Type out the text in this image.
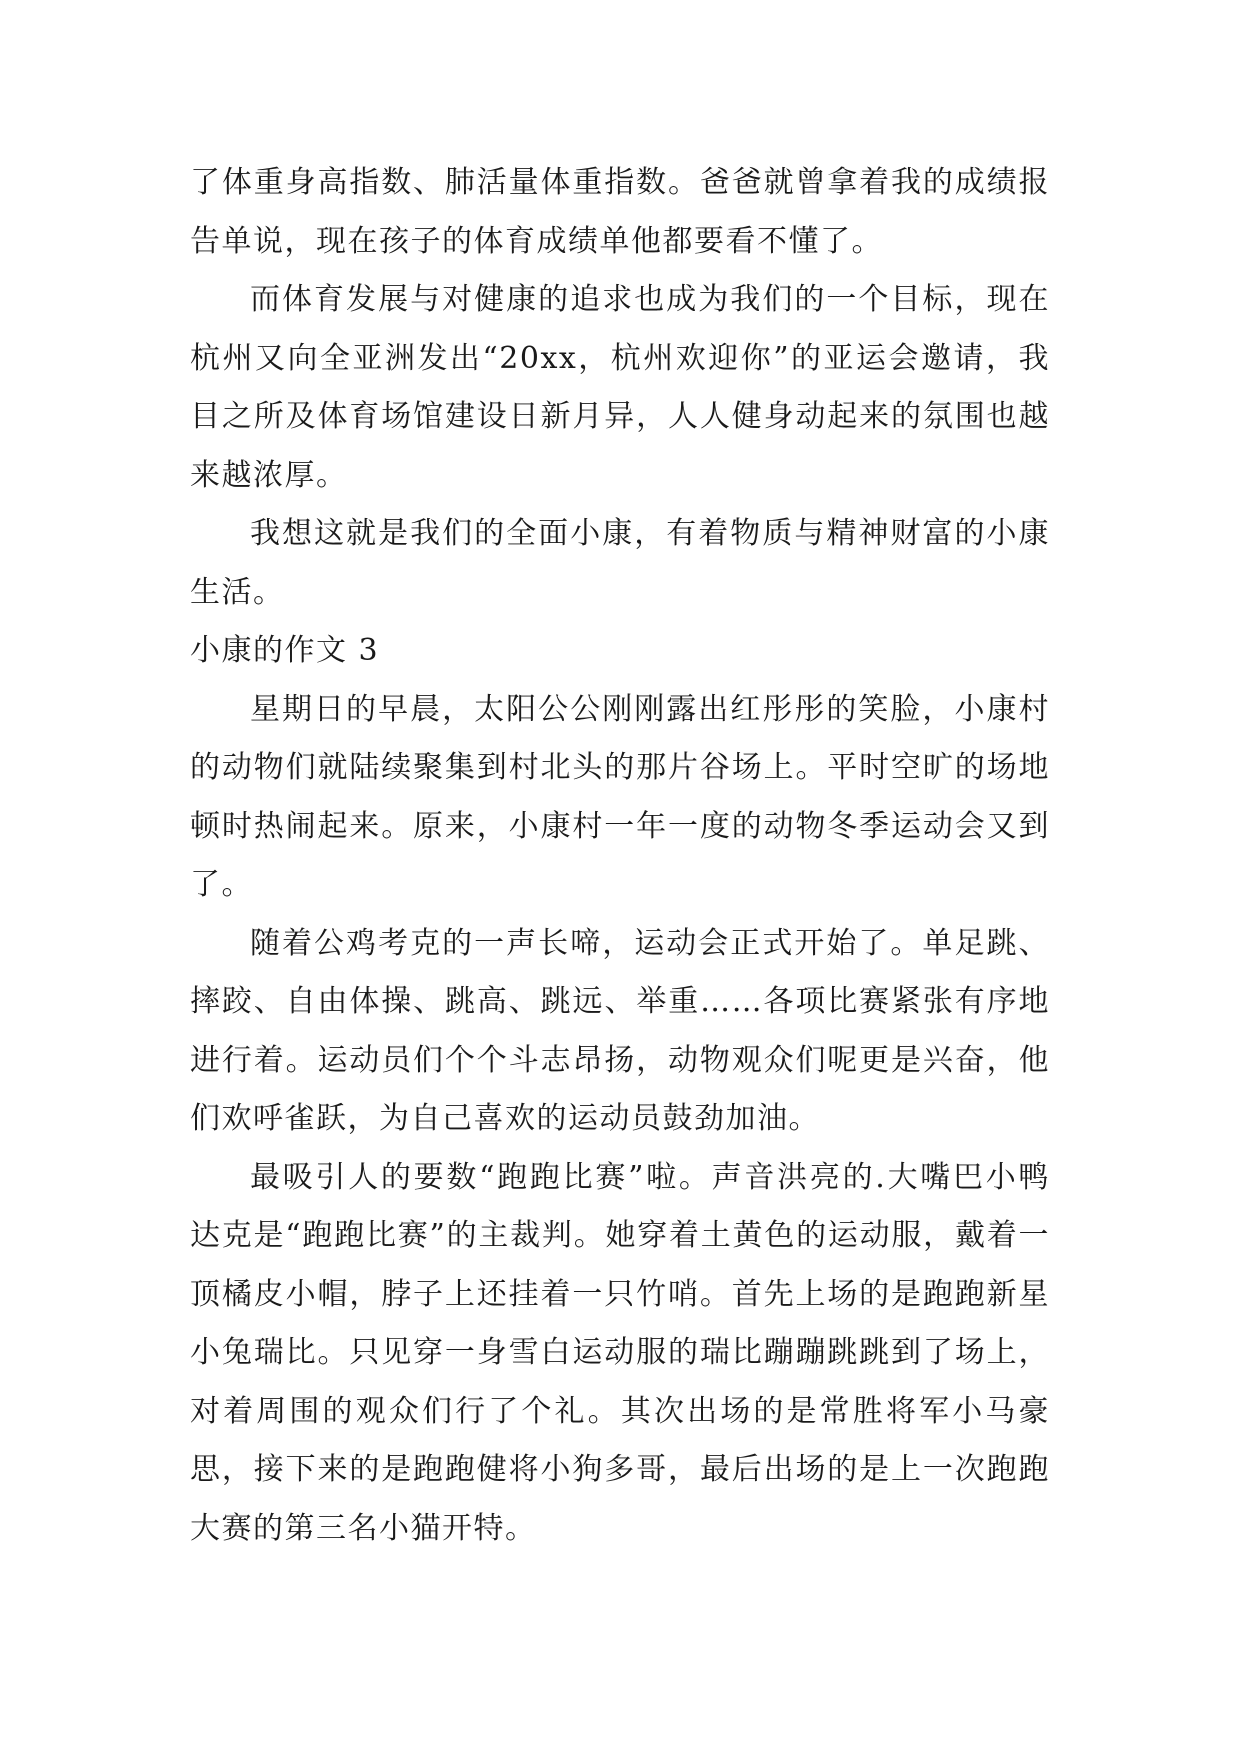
了体重身高指数、肺活量体重指数。爸爸就曾拿着我的成绩报告单说，现在孩子的体育成绩单他都要看不懂了。

而体育发展与对健康的追求也成为我们的一个目标，现在杭州又向全亚洲发出“20xx，杭州欢迎你”的亚运会邀请，我目之所及体育场馆建设日新月异，人人健身动起来的氛围也越来越浓厚。

我想这就是我们的全面小康，有着物质与精神财富的小康生活。

小康的作文 3

星期日的早晨，太阳公公刚刚露出红彤彤的笑脸，小康村的动物们就陆续聚集到村北头的那片谷场上。平时空旷的场地顿时热闹起来。原来，小康村一年一度的动物冬季运动会又到了。

随着公鸡考克的一声长啼，运动会正式开始了。单足跳、摔跤、自由体操、跳高、跳远、举重……各项比赛紧张有序地进行着。运动员们个个斗志昂扬，动物观众们呢更是兴奋，他们欢呼雀跃，为自己喜欢的运动员鼓劲加油。

最吸引人的要数“跑跑比赛”啦。声音洪亮的.大嘴巴小鸭达克是“跑跑比赛”的主裁判。她穿着土黄色的运动服，戴着一顶橘皮小帽，脖子上还挂着一只竹哨。首先上场的是跑跑新星小兔瑞比。只见穿一身雪白运动服的瑞比蹦蹦跳跳到了场上，对着周围的观众们行了个礼。其次出场的是常胜将军小马豪思，接下来的是跑跑健将小狗多哥，最后出场的是上一次跑跑大赛的第三名小猫开特。
